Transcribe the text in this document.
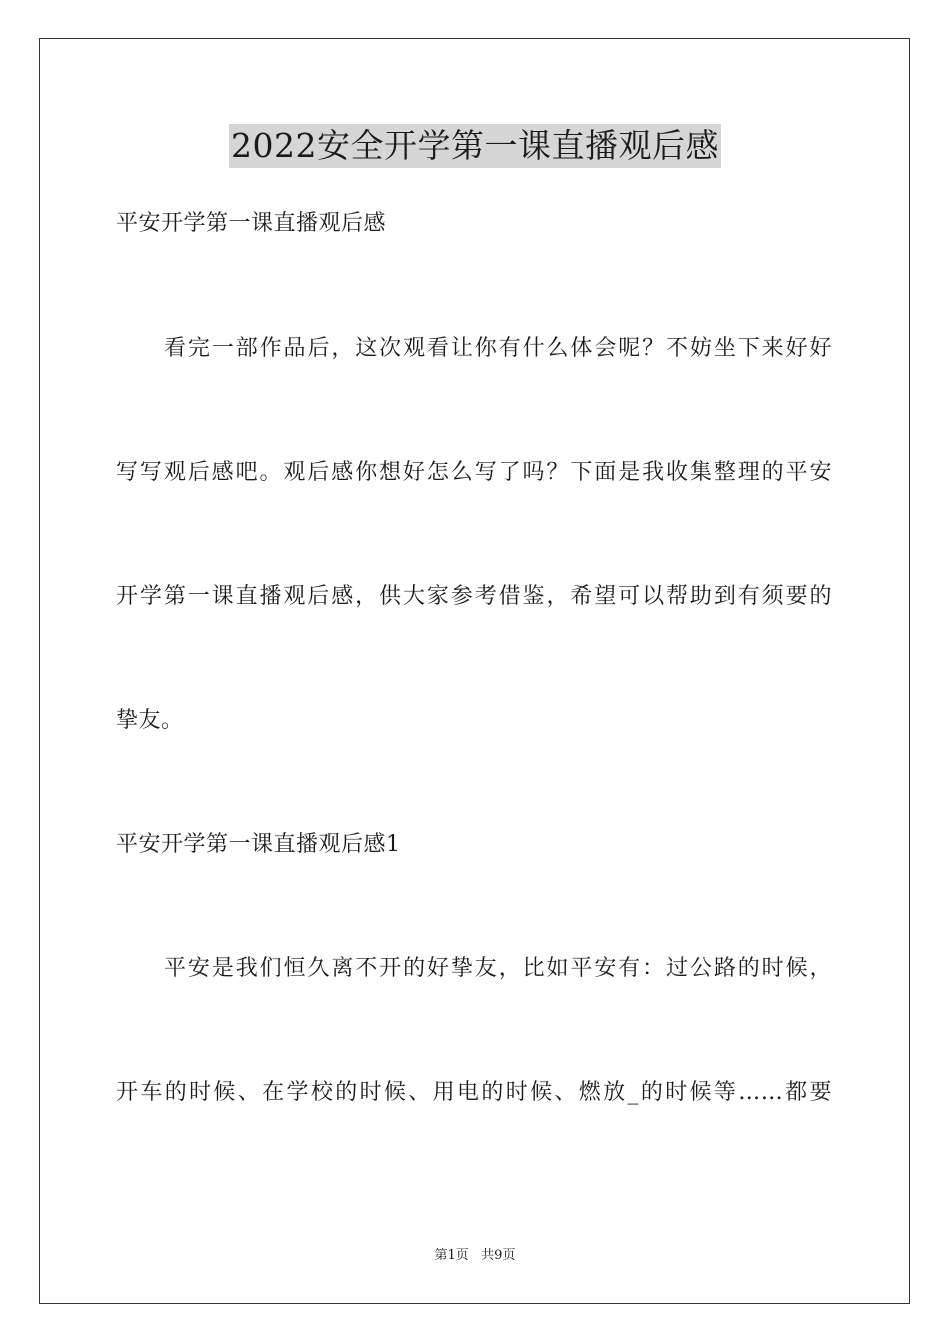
2022安全开学第一课直播观后感
平安开学第一课直播观后感
看完一部作品后，这次观看让你有什么体会呢？不妨坐下来好好
写写观后感吧。观后感你想好怎么写了吗？下面是我收集整理的平安
开学第一课直播观后感，供大家参考借鉴，希望可以帮助到有须要的
挚友。
平安开学第一课直播观后感1
平安是我们恒久离不开的好挚友，比如平安有：过公路的时候，
开车的时候、在学校的时候、用电的时候、燃放_的时候等……都要
第1页   共9页
